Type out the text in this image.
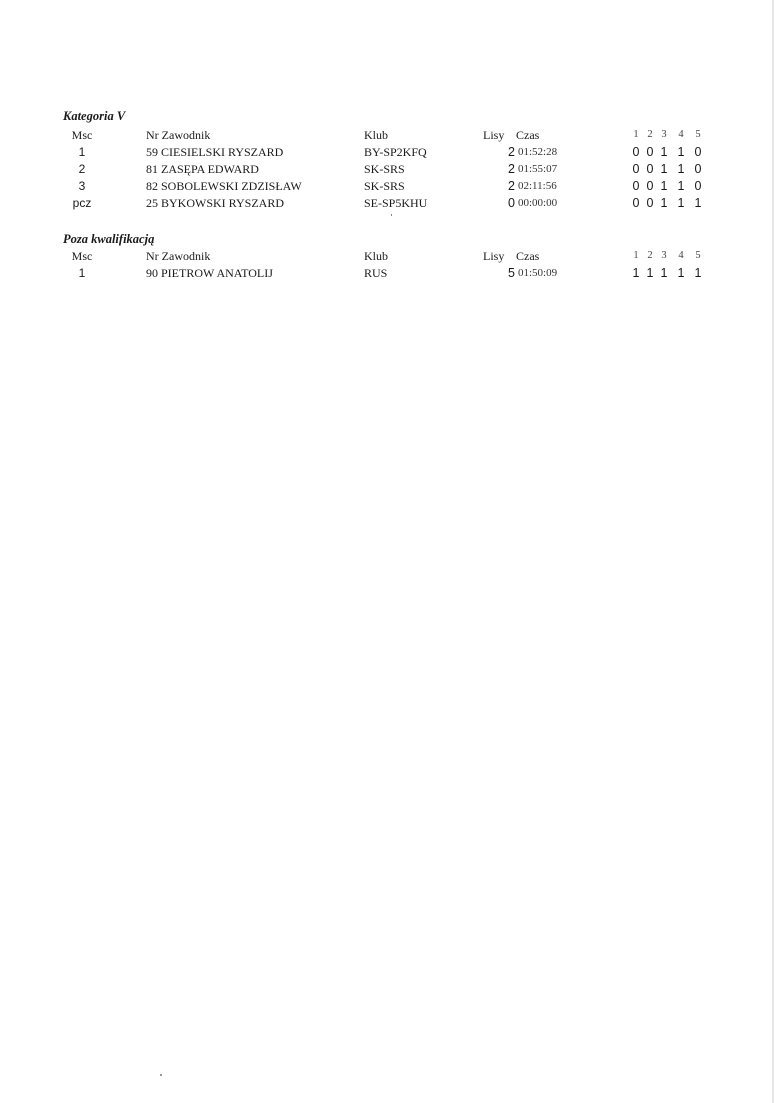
Kategoria V
Msc	Nr Zawodnik	Klub	Lisy Czas	1 2 3	4	5
1	59 CIESIELSKI RYSZARD	BY-SP2KFQ	2 01:52:28	0 0 1 1 0
2	81 ZASĘPA EDWARD	SK-SRS	2 01:55:07	0 0 1 1 0
3	82 SOBOLEWSKI ZDZISŁAW	SK-SRS	2 02:11:56	0 0 1 1 0
pcz	25 BYKOWSKI RYSZARD	SE-SP5KHU	0 00:00:00	0 0 1 1 1
Poza kwalifikacją
Msc	Nr Zawodnik	Klub	Lisy Czas	1 2 3	4	5
1	90 PIETROW ANATOLIJ	RUS	5 01:50:09	1 1 1 1 1
